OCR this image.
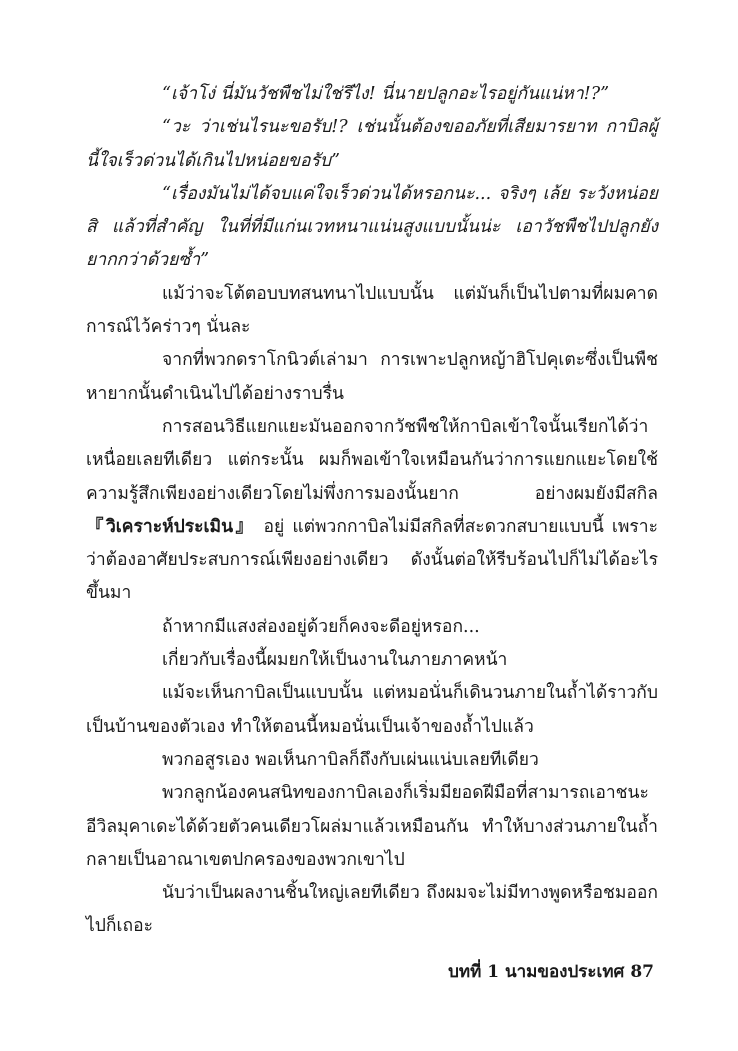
“เจ้าโง่ นี่มันวัชพืชไม่ใช่รึไง! นี่นายปลูกอะไรอยู่กันแน่หา!?”

“วะ ว่าเช่นไรนะขอรับ!? เช่นนั้นต้องขออภัยที่เสียมารยาท กาบิลผู้นี้ใจเร็วด่วนได้เกินไปหน่อยขอรับ”

“เรื่องมันไม่ได้จบแค่ใจเร็วด่วนได้หรอกนะ... จริงๆ เล้ย ระวังหน่อยสิ แล้วที่สำคัญ ในที่ที่มีแก่นเวทหนาแน่นสูงแบบนั้นน่ะ เอาวัชพืชไปปลูกยังยากกว่าด้วยซ้ำ”

แม้ว่าจะโต้ตอบบทสนทนาไปแบบนั้น แต่มันก็เป็นไปตามที่ผมคาดการณ์ไว้คร่าวๆ นั่นละ

จากที่พวกดราโกนิวต์เล่ามา การเพาะปลูกหญ้าฮิโปคุเตะซึ่งเป็นพืชหายากนั้นดำเนินไปได้อย่างราบรื่น

การสอนวิธีแยกแยะมันออกจากวัชพืชให้กาบิลเข้าใจนั้นเรียกได้ว่าเหนื่อยเลยทีเดียว แต่กระนั้น ผมก็พอเข้าใจเหมือนกันว่าการแยกแยะโดยใช้ความรู้สึกเพียงอย่างเดียวโดยไม่พึ่งการมองนั้นยาก อย่างผมยังมีสกิล『วิเคราะห์ประเมิน』 อยู่ แต่พวกกาบิลไม่มีสกิลที่สะดวกสบายแบบนี้ เพราะว่าต้องอาศัยประสบการณ์เพียงอย่างเดียว ดังนั้นต่อให้รีบร้อนไปก็ไม่ได้อะไรขึ้นมา

ถ้าหากมีแสงส่องอยู่ด้วยก็คงจะดีอยู่หรอก...

เกี่ยวกับเรื่องนี้ผมยกให้เป็นงานในภายภาคหน้า

แม้จะเห็นกาบิลเป็นแบบนั้น แต่หมอนั่นก็เดินวนภายในถ้ำได้ราวกับเป็นบ้านของตัวเอง ทำให้ตอนนี้หมอนั่นเป็นเจ้าของถ้ำไปแล้ว

พวกอสูรเอง พอเห็นกาบิลก็ถึงกับเผ่นแน่บเลยทีเดียว

พวกลูกน้องคนสนิทของกาบิลเองก็เริ่มมียอดฝีมือที่สามารถเอาชนะอีวิลมุคาเดะได้ด้วยตัวคนเดียวโผล่มาแล้วเหมือนกัน ทำให้บางส่วนภายในถ้ำกลายเป็นอาณาเขตปกครองของพวกเขาไป

นับว่าเป็นผลงานชิ้นใหญ่เลยทีเดียว ถึงผมจะไม่มีทางพูดหรือชมออกไปก็เถอะ

บทที่ 1 นามของประเทศ 87
